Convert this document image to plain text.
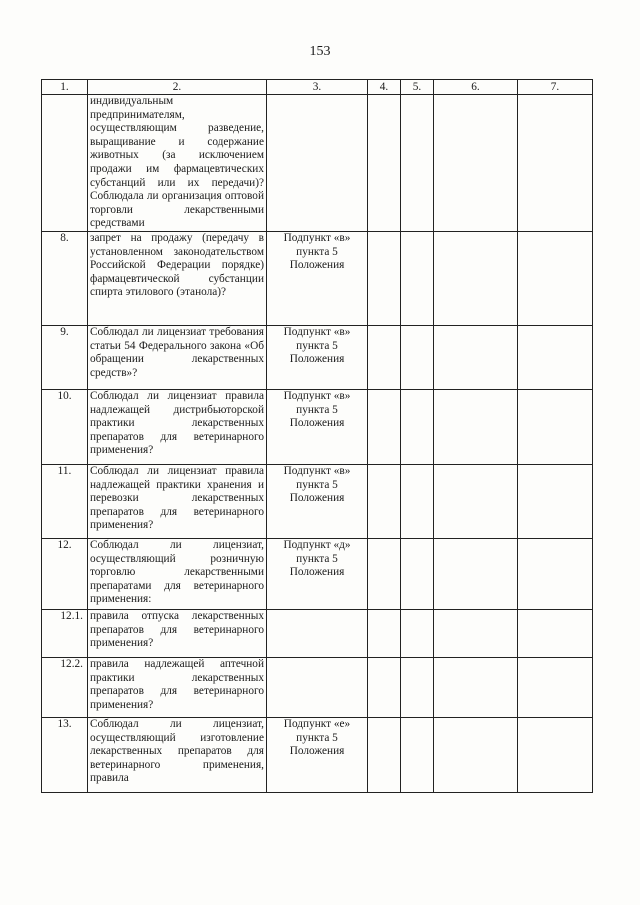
153
1.	2.	3.	4.	5.	6.	7.
	индивидуальным предпринимателям, осуществляющим разведение, выращивание и содержание животных (за исключением продажи им фармацевтических субстанций или их передачи)? Соблюдала ли организация оптовой торговли лекарственными средствами					
8.	запрет на продажу (передачу в установленном законодательством Российской Федерации порядке) фармацевтической субстанции спирта этилового (этанола)?	Подпункт «в» пункта 5 Положения				
9.	Соблюдал ли лицензиат требования статьи 54 Федерального закона «Об обращении лекарственных средств»?	Подпункт «в» пункта 5 Положения				
10.	Соблюдал ли лицензиат правила надлежащей дистрибьюторской практики лекарственных препаратов для ветеринарного применения?	Подпункт «в» пункта 5 Положения				
11.	Соблюдал ли лицензиат правила надлежащей практики хранения и перевозки лекарственных препаратов для ветеринарного применения?	Подпункт «в» пункта 5 Положения				
12.	Соблюдал ли лицензиат, осуществляющий розничную торговлю лекарственными препаратами для ветеринарного применения:	Подпункт «д» пункта 5 Положения				
12.1.	правила отпуска лекарственных препаратов для ветеринарного применения?					
12.2.	правила надлежащей аптечной практики лекарственных препаратов для ветеринарного применения?					
13.	Соблюдал ли лицензиат, осуществляющий изготовление лекарственных препаратов для ветеринарного применения, правила	Подпункт «е» пункта 5 Положения				
